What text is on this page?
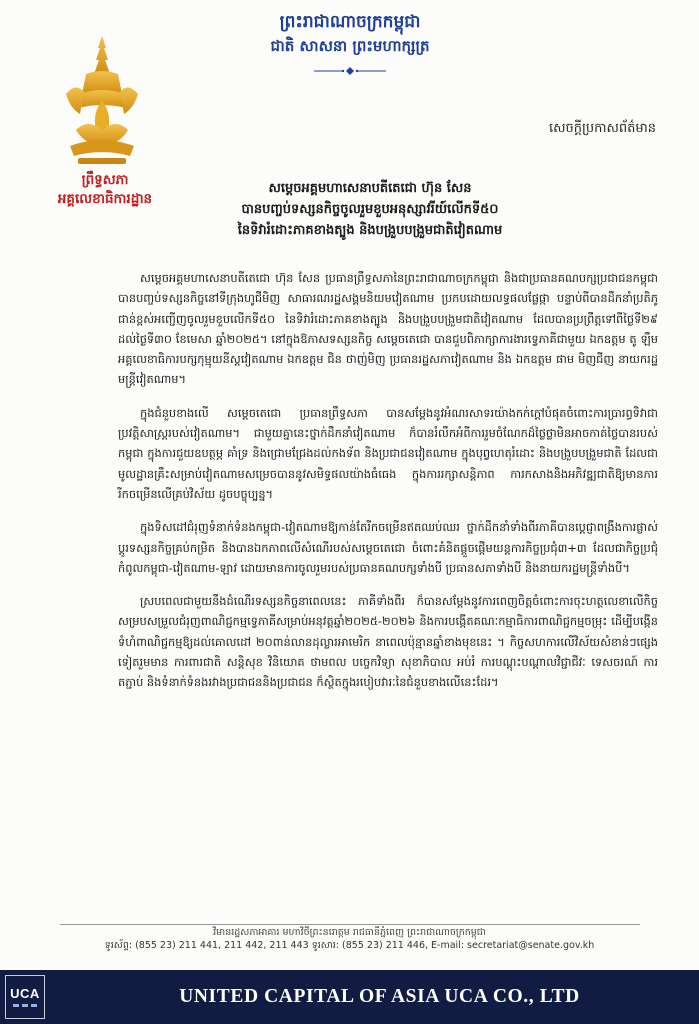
ព្រះរាជាណាចក្រកម្ពុជា
ជាតិ សាសនា ព្រះមហាក្សត្រ
ព្រឹទ្ធសភា
អគ្គលេខាធិការដ្ឋាន
សេចក្ដីប្រកាសព័ត៌មាន
សម្តេចអគ្គមហាសេនាបតីតេជោ ហ៊ុន សែន
បានបញ្ចប់ទស្សនកិច្ចចូលរួមខួបអនុស្សាវរីយ៍លើកទី៥០
នៃទិវារំដោះភាគខាងត្បូង និងបង្រួបបង្រួមជាតិវៀតណាម

សម្តេចអគ្គមហាសេនាបតីតេជោ ហ៊ុន សែន ប្រធានព្រឹទ្ធសភានៃព្រះរាជាណាចក្រកម្ពុជា និងជាប្រធានគណបក្សប្រជាជនកម្ពុជា បានបញ្ចប់ទស្សនកិច្ចនៅទីក្រុងហូជីមិញ សាធារណរដ្ឋសង្គមនិយមវៀតណាម ប្រកបដោយលទ្ធផលផ្លែផ្កា បន្ទាប់ពីបានដឹកនាំប្រតិភូជាន់ខ្ពស់អញ្ជើញចូលរួមខួបលើកទី៥០ នៃទិវារំដោះភាគខាងត្បូង និងបង្រួបបង្រួមជាតិវៀតណាម ដែលបានប្រព្រឹត្តទៅពីថ្ងៃទី២៩ ដល់ថ្ងៃទី៣០ ខែមេសា ឆ្នាំ២០២៥។ នៅក្នុងឱកាសទស្សនកិច្ច សម្តេចតេជោ បានជួបពិភាក្សាការងារទ្វេភាគីជាមួយ ឯកឧត្តម តូ ឡឹម អគ្គលេខាធិការបក្សកុម្មុយនីស្តវៀតណាម ឯកឧត្តម ជិន ថាញ់មិញ ប្រធានរដ្ឋសភាវៀតណាម និង ឯកឧត្តម ផាម មិញជីញ នាយករដ្ឋមន្ត្រីវៀតណាម។

ក្នុងជំនួបខាងលើ សម្តេចតេជោ ប្រធានព្រឹទ្ធសភា បានសម្តែងនូវអំណរសាទរយ៉ាងកក់ក្តៅបំផុតចំពោះការប្រារព្ធទិវាជាប្រវត្តិសាស្ត្ររបស់វៀតណាម។ ជាមួយគ្នានេះថ្នាក់ដឹកនាំវៀតណាម ក៏បានរំលឹកអំពីការរួមចំណែកដ៏ថ្លៃថ្លាមិនអាចកាត់ថ្លៃបានរបស់កម្ពុជា ក្នុងការជួយឧបត្ថម្ភ គាំទ្រ និងជ្រោមជ្រែងដល់កងទ័ព និងប្រជាជនវៀតណាម ក្នុងបុព្វហេតុរំដោះ និងបង្រួបបង្រួមជាតិ ដែលជាមូលដ្ឋានគ្រឹះសម្រាប់វៀតណាមសម្រេចបាននូវសមិទ្ធផលយ៉ាងធំធេង ក្នុងការរក្សាសន្តិភាព ការកសាងនិងអភិវឌ្ឍជាតិឱ្យមានការរីកចម្រើនលើគ្រប់វិស័យ ដូចបច្ចុប្បន្ន។

ក្នុងទិសដៅជំរុញទំនាក់ទំនងកម្ពុជា-វៀតណាមឱ្យកាន់តែរីកចម្រើនឥតឈប់ឈរ ថ្នាក់ដឹកនាំទាំងពីរភាគីបានប្តេជ្ញាពង្រឹងការផ្លាស់ប្តូរទស្សនកិច្ចគ្រប់កម្រិត និងបានឯកភាពលើសំណើរបស់សម្តេចតេជោ ចំពោះគំនិតផ្តួចផ្តើមយន្តការកិច្ចប្រជុំ៣+៣ ដែលជាកិច្ចប្រជុំកំពូលកម្ពុជា-វៀតណាម-ឡាវ ដោយមានការចូលរួមរបស់ប្រធានគណបក្សទាំងបី ប្រធានសភាទាំងបី និងនាយករដ្ឋមន្ត្រីទាំងបី។

ស្របពេលជាមួយនឹងដំណើរទស្សនកិច្ចនាពេលនេះ ភាគីទាំងពីរ ក៏បានសម្តែងនូវការពេញចិត្តចំពោះការចុះហត្ថលេខាលើកិច្ចសម្របសម្រួលជំរុញពាណិជ្ជកម្មទ្វេភាគីសម្រាប់អនុវត្តឆ្នាំ២០២៥-២០២៦ និងការបង្កើតគណៈកម្មាធិការពាណិជ្ជកម្មចម្រុះ ដើម្បីបង្កើនទំហំពាណិជ្ជកម្មឱ្យដល់គោលដៅ ២០ពាន់លានដុល្លារអាមេរិក នាពេលប៉ុន្មានឆ្នាំខាងមុខនេះ ។ កិច្ចសហការលើវិស័យសំខាន់ៗផ្សេងទៀតរួមមាន ការពារជាតិ សន្តិសុខ វិនិយោគ ថាមពល បច្ចេកវិទ្យា សុខាភិបាល អប់រំ ការបណ្តុះបណ្តាលវិជ្ជាជីវៈ ទេសចរណ៍ ការតភ្ជាប់ និងទំនាក់ទំនងរវាងប្រជាជននិងប្រជាជន ក៏ស្ថិតក្នុងរបៀបវារៈនៃជំនួបខាងលើនេះដែរ។

វិមានរដ្ឋសភាអាគារ មហាវិថីព្រះនរោត្តម រាជធានីភ្នំពេញ ព្រះរាជាណាចក្រកម្ពុជា
ទូរស័ព្ទ: (855 23) 211 441, 211 442, 211 443 ទូរសារ: (855 23) 211 446, E-mail: secretariat@senate.gov.kh
UCA	UNITED CAPITAL OF ASIA UCA CO., LTD
